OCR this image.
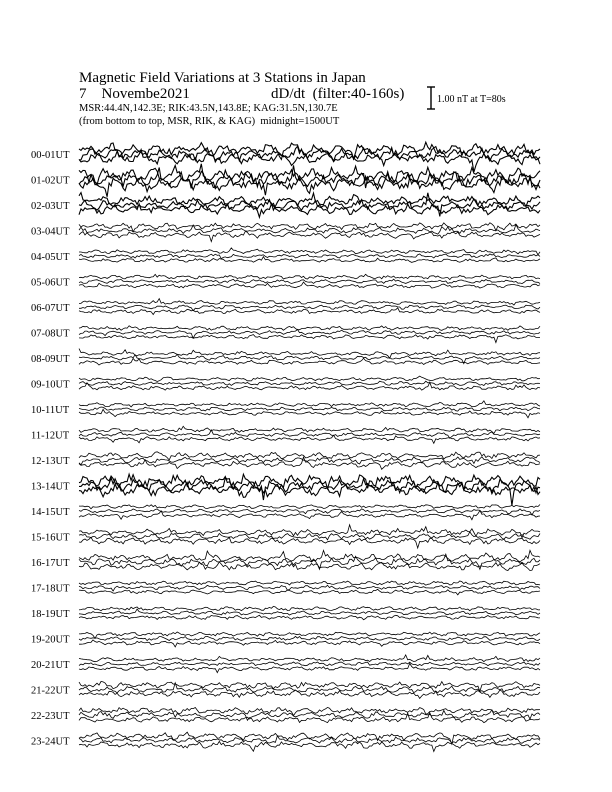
Magnetic Field Variations at 3 Stations in Japan
7    Novembe2021	dD/dt  (filter:40-160s)
MSR:44.4N,142.3E; RIK:43.5N,143.8E; KAG:31.5N,130.7E
(from bottom to top, MSR, RIK, & KAG)  midnight=1500UT
1.00 nT at T=80s
00-01UT
01-02UT
02-03UT
03-04UT
04-05UT
05-06UT
06-07UT
07-08UT
08-09UT
09-10UT
10-11UT
11-12UT
12-13UT
13-14UT
14-15UT
15-16UT
16-17UT
17-18UT
18-19UT
19-20UT
20-21UT
21-22UT
22-23UT
23-24UT
